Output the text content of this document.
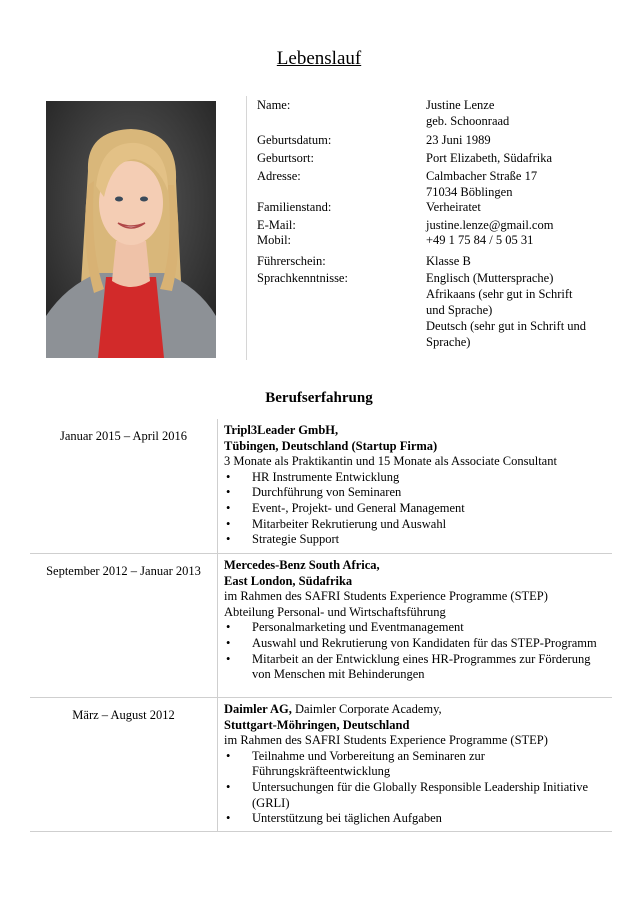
Lebenslauf
Name:	Justine Lenze
geb. Schoonraad
Geburtsdatum:	23 Juni 1989
Geburtsort:	Port Elizabeth, Südafrika
Adresse:	Calmbacher Straße 17
71034 Böblingen
Familienstand:	Verheiratet
E-Mail:	justine.lenze@gmail.com
Mobil:	+49 1 75 84 / 5 05 31
Führerschein:	Klasse B
Sprachkenntnisse:	Englisch (Muttersprache)
Afrikaans (sehr gut in Schrift
und Sprache)
Deutsch (sehr gut in Schrift und
Sprache)
Berufserfahrung
Januar 2015 – April 2016	Tripl3Leader GmbH,
Tübingen, Deutschland (Startup Firma)
3 Monate als Praktikantin und 15 Monate als Associate Consultant
• HR Instrumente Entwicklung
• Durchführung von Seminaren
• Event-, Projekt- und General Management
• Mitarbeiter Rekrutierung und Auswahl
• Strategie Support
September 2012 – Januar 2013	Mercedes-Benz South Africa,
East London, Südafrika
im Rahmen des SAFRI Students Experience Programme (STEP)
Abteilung Personal- und Wirtschaftsführung
• Personalmarketing und Eventmanagement
• Auswahl und Rekrutierung von Kandidaten für das STEP-Programm
• Mitarbeit an der Entwicklung eines HR-Programmes zur Förderung von Menschen mit Behinderungen
März – August 2012	Daimler AG, Daimler Corporate Academy,
Stuttgart-Möhringen, Deutschland
im Rahmen des SAFRI Students Experience Programme (STEP)
• Teilnahme und Vorbereitung an Seminaren zur Führungskräfteentwicklung
• Untersuchungen für die Globally Responsible Leadership Initiative (GRLI)
• Unterstützung bei täglichen Aufgaben
